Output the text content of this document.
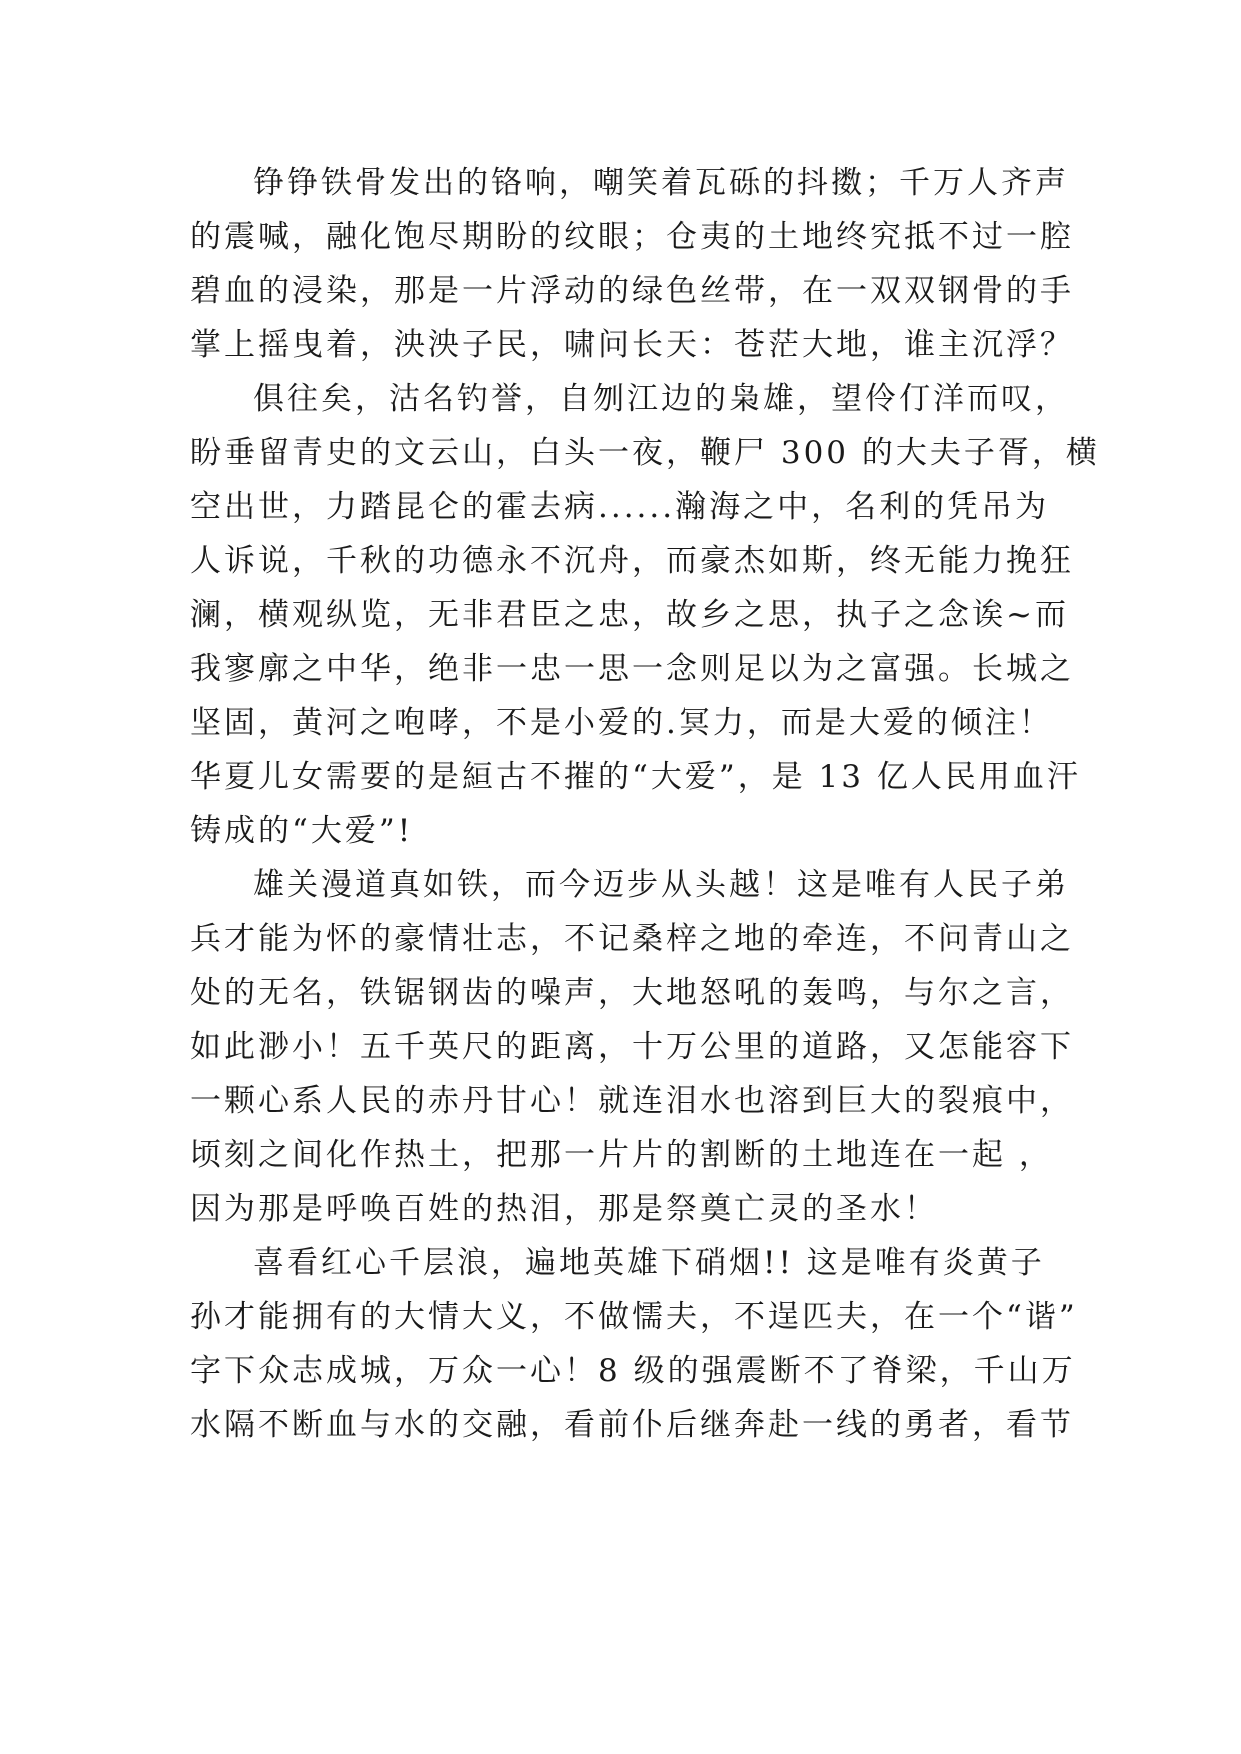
铮铮铁骨发出的铬响，嘲笑着瓦砾的抖擞；千万人齐声
的震喊，融化饱尽期盼的纹眼；仓夷的土地终究抵不过一腔
碧血的浸染，那是一片浮动的绿色丝带，在一双双钢骨的手
掌上摇曳着，泱泱子民，啸问长天：苍茫大地，谁主沉浮？
俱往矣，沽名钓誉，自刎江边的枭雄，望伶仃洋而叹，
盼垂留青史的文云山，白头一夜，鞭尸 300 的大夫子胥，横
空出世，力踏昆仑的霍去病......瀚海之中，名利的凭吊为
人诉说，千秋的功德永不沉舟，而豪杰如斯，终无能力挽狂
澜，横观纵览，无非君臣之忠，故乡之思，执子之念诶~而
我寥廓之中华，绝非一忠一思一念则足以为之富强。长城之
坚固，黄河之咆哮，不是小爱的.冥力，而是大爱的倾注！
华夏儿女需要的是絙古不摧的“大爱”，是 13 亿人民用血汗
铸成的“大爱”!
雄关漫道真如铁，而今迈步从头越！这是唯有人民子弟
兵才能为怀的豪情壮志，不记桑梓之地的牵连，不问青山之
处的无名，铁锯钢齿的噪声，大地怒吼的轰鸣，与尔之言，
如此渺小！五千英尺的距离，十万公里的道路，又怎能容下
一颗心系人民的赤丹甘心！就连泪水也溶到巨大的裂痕中，
顷刻之间化作热土，把那一片片的割断的土地连在一起 ，
因为那是呼唤百姓的热泪，那是祭奠亡灵的圣水！
喜看红心千层浪，遍地英雄下硝烟!! 这是唯有炎黄子
孙才能拥有的大情大义，不做懦夫，不逞匹夫，在一个“谐”
字下众志成城，万众一心！8 级的强震断不了脊梁，千山万
水隔不断血与水的交融，看前仆后继奔赴一线的勇者，看节
